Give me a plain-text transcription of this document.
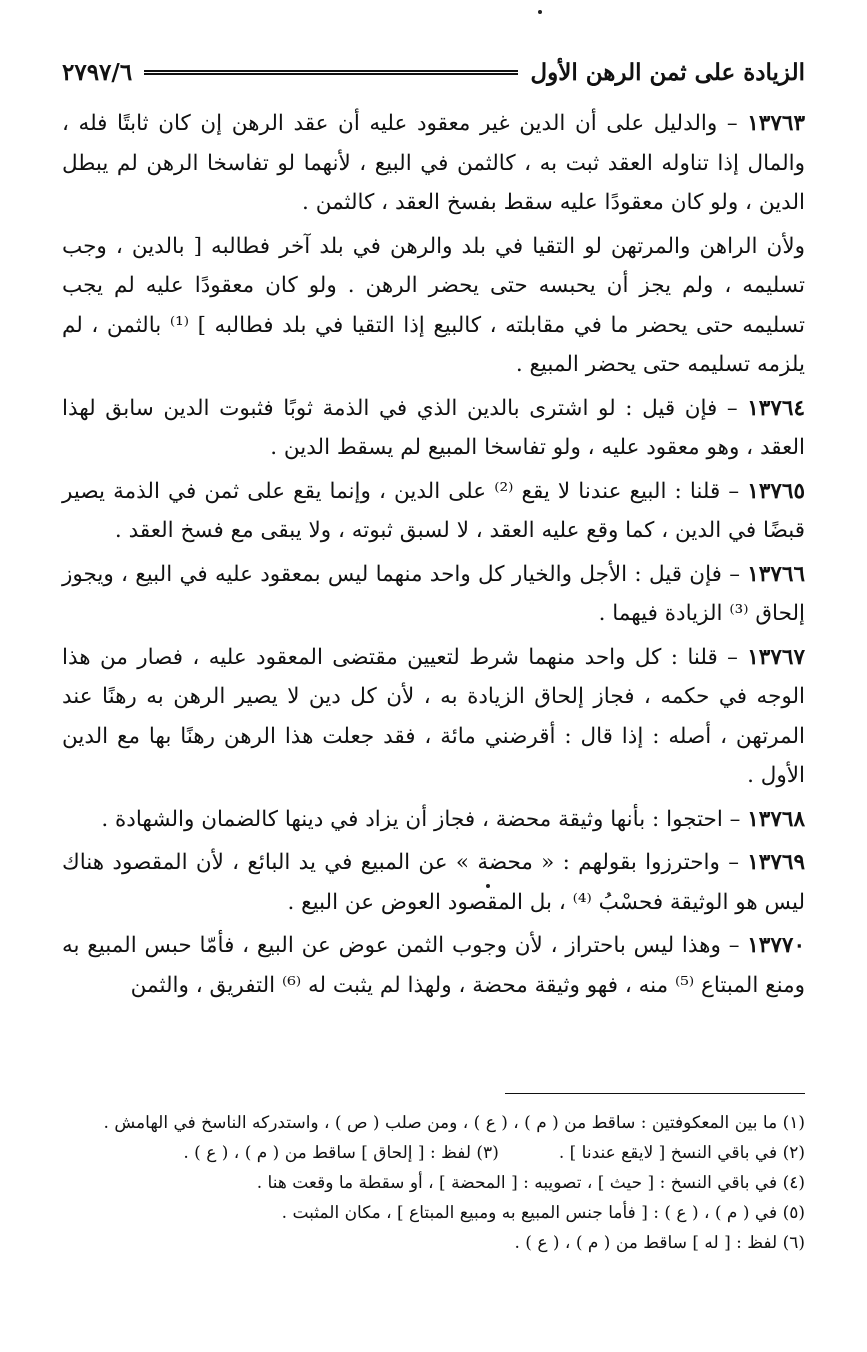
الزيادة على ثمن الرهن الأول
٢٧٩٧/٦

١٣٧٦٣ – والدليل على أن الدين غير معقود عليه أن عقد الرهن إن كان ثابتًا فله ، والمال إذا تناوله العقد ثبت به ، كالثمن في البيع ، لأنهما لو تفاسخا الرهن لم يبطل الدين ، ولو كان معقودًا عليه سقط بفسخ العقد ، كالثمن .

ولأن الراهن والمرتهن لو التقيا في بلد والرهن في بلد آخر فطالبه [ بالدين ، وجب تسليمه ، ولم يجز أن يحبسه حتى يحضر الرهن . ولو كان معقودًا عليه لم يجب تسليمه حتى يحضر ما في مقابلته ، كالبيع إذا التقيا في بلد فطالبه ] ⁽¹⁾ بالثمن ، لم يلزمه تسليمه حتى يحضر المبيع .

١٣٧٦٤ – فإن قيل : لو اشترى بالدين الذي في الذمة ثوبًا فثبوت الدين سابق لهذا العقد ، وهو معقود عليه ، ولو تفاسخا المبيع لم يسقط الدين .

١٣٧٦٥ – قلنا : البيع عندنا لا يقع ⁽²⁾ على الدين ، وإنما يقع على ثمن في الذمة يصير قبضًا في الدين ، كما وقع عليه العقد ، لا لسبق ثبوته ، ولا يبقى مع فسخ العقد .

١٣٧٦٦ – فإن قيل : الأجل والخيار كل واحد منهما ليس بمعقود عليه في البيع ، ويجوز إلحاق ⁽³⁾ الزيادة فيهما .

١٣٧٦٧ – قلنا : كل واحد منهما شرط لتعيين مقتضى المعقود عليه ، فصار من هذا الوجه في حكمه ، فجاز إلحاق الزيادة به ، لأن كل دين لا يصير الرهن به رهنًا عند المرتهن ، أصله : إذا قال : أقرضني مائة ، فقد جعلت هذا الرهن رهنًا بها مع الدين الأول .

١٣٧٦٨ – احتجوا : بأنها وثيقة محضة ، فجاز أن يزاد في دينها كالضمان والشهادة .

١٣٧٦٩ – واحترزوا بقولهم : « محضة » عن المبيع في يد البائع ، لأن المقصود هناك ليس هو الوثيقة فحسْبُ ⁽⁴⁾ ، بل المقصود العوض عن البيع .

١٣٧٧٠ – وهذا ليس باحتراز ، لأن وجوب الثمن عوض عن البيع ، فأمّا حبس المبيع به ومنع المبتاع ⁽⁵⁾ منه ، فهو وثيقة محضة ، ولهذا لم يثبت له ⁽⁶⁾ التفريق ، والثمن

(١) ما بين المعكوفتين : ساقط من ( م ) ، ( ع ) ، ومن صلب ( ص ) ، واستدركه الناسخ في الهامش .

(٢) في باقي النسخ [ لايقع عندنا ] .

(٣) لفظ : [ إلحاق ] ساقط من ( م ) ، ( ع ) .

(٤) في باقي النسخ : [ حيث ] ، تصويبه : [ المحضة ] ، أو سقطة ما وقعت هنا .

(٥) في ( م ) ، ( ع ) : [ فأما جنس المبيع به ومبيع المبتاع ] ، مكان المثبت .

(٦) لفظ : [ له ] ساقط من ( م ) ، ( ع ) .
